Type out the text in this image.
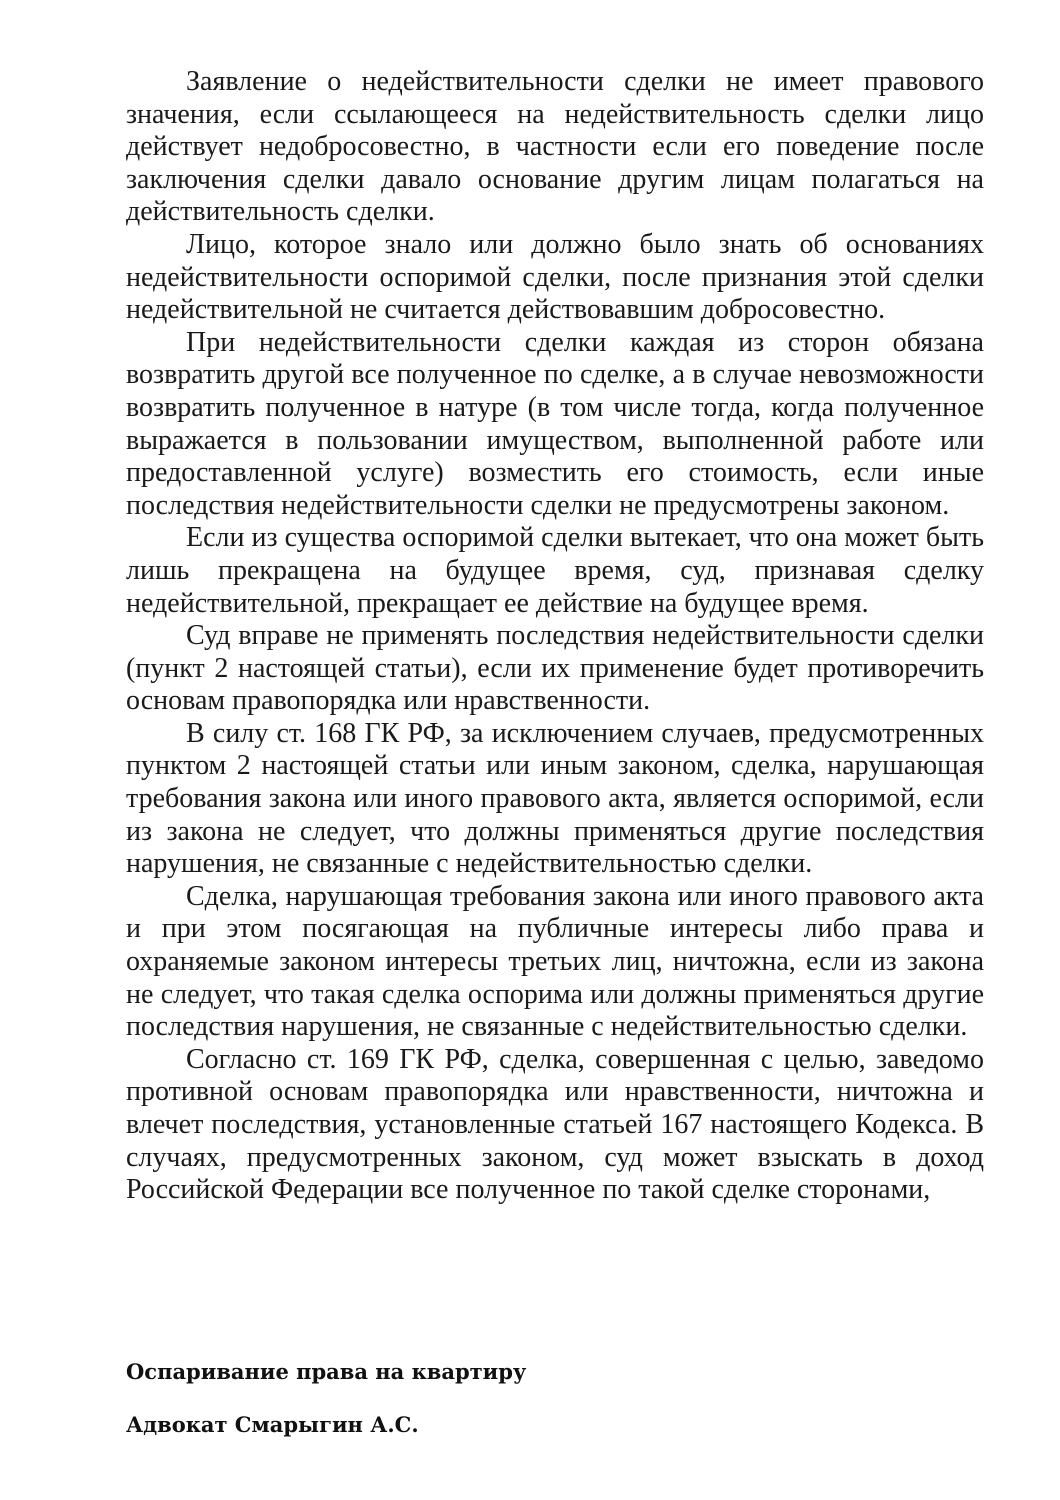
Заявление о недействительности сделки не имеет правового значения, если ссылающееся на недействительность сделки лицо действует недобросовестно, в частности если его поведение после заключения сделки давало основание другим лицам полагаться на действительность сделки.

Лицо, которое знало или должно было знать об основаниях недействительности оспоримой сделки, после признания этой сделки недействительной не считается действовавшим добросовестно.

При недействительности сделки каждая из сторон обязана возвратить другой все полученное по сделке, а в случае невозможности возвратить полученное в натуре (в том числе тогда, когда полученное выражается в пользовании имуществом, выполненной работе или предоставленной услуге) возместить его стоимость, если иные последствия недействительности сделки не предусмотрены законом.

Если из существа оспоримой сделки вытекает, что она может быть лишь прекращена на будущее время, суд, признавая сделку недействительной, прекращает ее действие на будущее время.

Суд вправе не применять последствия недействительности сделки (пункт 2 настоящей статьи), если их применение будет противоречить основам правопорядка или нравственности.

В силу ст. 168 ГК РФ, за исключением случаев, предусмотренных пунктом 2 настоящей статьи или иным законом, сделка, нарушающая требования закона или иного правового акта, является оспоримой, если из закона не следует, что должны применяться другие последствия нарушения, не связанные с недействительностью сделки.

Сделка, нарушающая требования закона или иного правового акта и при этом посягающая на публичные интересы либо права и охраняемые законом интересы третьих лиц, ничтожна, если из закона не следует, что такая сделка оспорима или должны применяться другие последствия нарушения, не связанные с недействительностью сделки.

Согласно ст. 169 ГК РФ, сделка, совершенная с целью, заведомо противной основам правопорядка или нравственности, ничтожна и влечет последствия, установленные статьей 167 настоящего Кодекса. В случаях, предусмотренных законом, суд может взыскать в доход Российской Федерации все полученное по такой сделке сторонами,

Оспаривание права на квартиру

Адвокат Смарыгин А.С.
